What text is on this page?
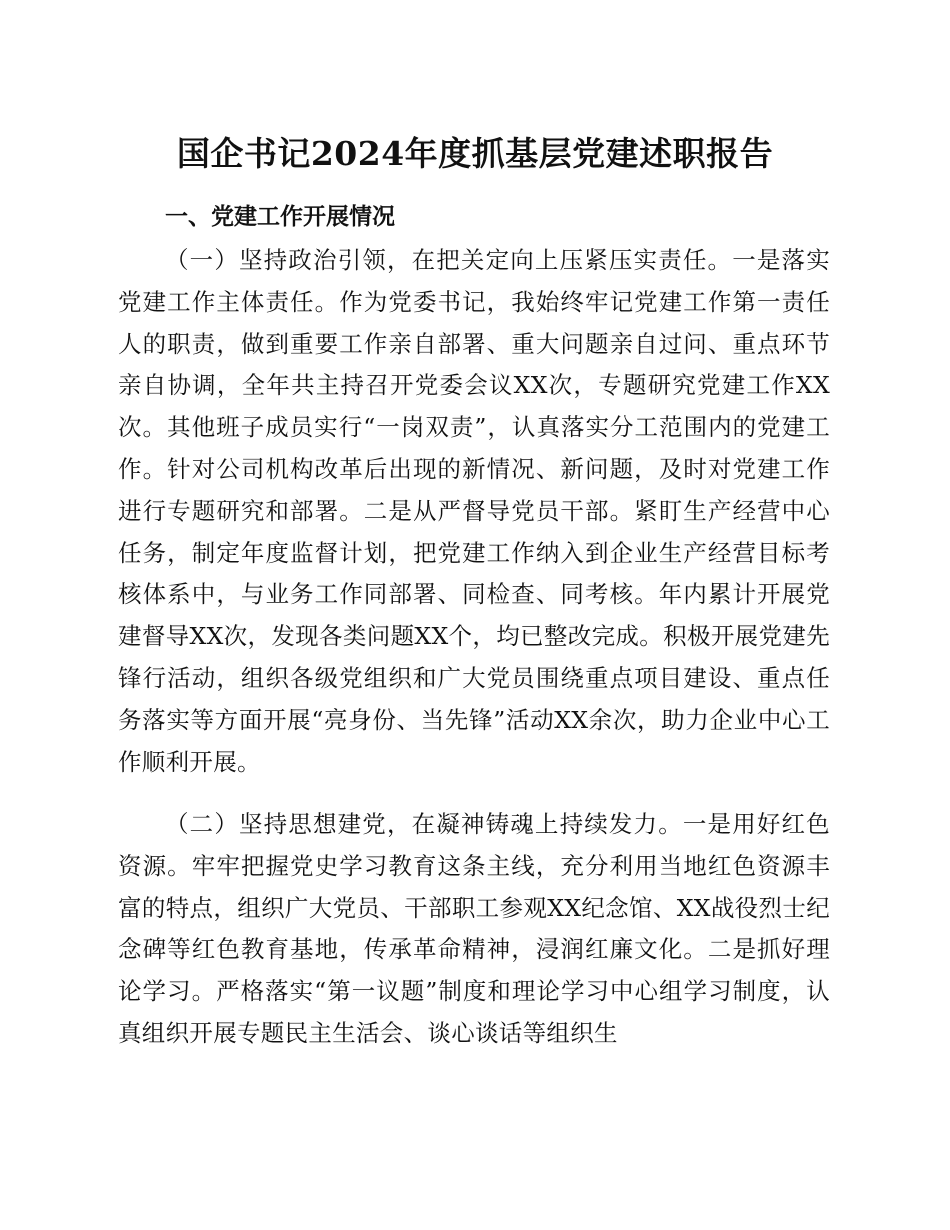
国企书记2024年度抓基层党建述职报告
一、党建工作开展情况

（一）坚持政治引领，在把关定向上压紧压实责任。一是落实党建工作主体责任。作为党委书记，我始终牢记党建工作第一责任人的职责，做到重要工作亲自部署、重大问题亲自过问、重点环节亲自协调，全年共主持召开党委会议XX次，专题研究党建工作XX次。其他班子成员实行“一岗双责”，认真落实分工范围内的党建工作。针对公司机构改革后出现的新情况、新问题，及时对党建工作进行专题研究和部署。二是从严督导党员干部。紧盯生产经营中心任务，制定年度监督计划，把党建工作纳入到企业生产经营目标考核体系中，与业务工作同部署、同检查、同考核。年内累计开展党建督导XX次，发现各类问题XX个，均已整改完成。积极开展党建先锋行活动，组织各级党组织和广大党员围绕重点项目建设、重点任务落实等方面开展“亮身份、当先锋”活动XX余次，助力企业中心工作顺利开展。

（二）坚持思想建党，在凝神铸魂上持续发力。一是用好红色资源。牢牢把握党史学习教育这条主线，充分利用当地红色资源丰富的特点，组织广大党员、干部职工参观XX纪念馆、XX战役烈士纪念碑等红色教育基地，传承革命精神，浸润红廉文化。二是抓好理论学习。严格落实“第一议题”制度和理论学习中心组学习制度，认真组织开展专题民主生活会、谈心谈话等组织生
